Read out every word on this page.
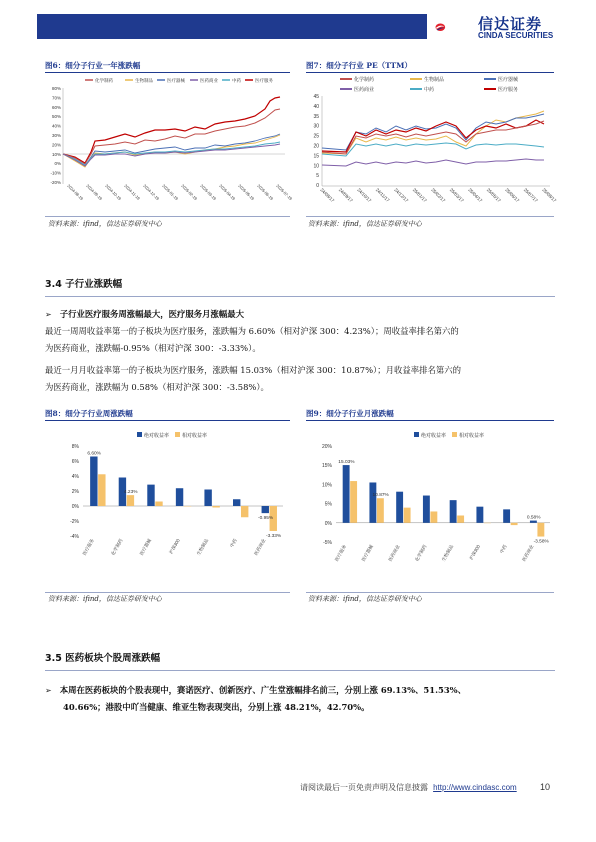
信达证券
CINDA SECURITIES
图6：细分子行业一年涨跌幅
化学制药	生物制品	医疗器械	医药商业	中药	医疗服务
80%
70%
60%
50%
40%
30%
20%
10%
0%
-10%
-20%
2024-08-19 2024-09-19 2024-10-19 2024-11-19 2024-12-19 2025-01-19 2025-02-19 2025-03-19 2025-04-19 2025-05-19 2025-06-19 2025-07-19
资料来源：ifind，信达证券研发中心
图7：细分子行业 PE（TTM）
化学制药	生物制品	医疗器械
医药商业	中药	医疗服务
45
40
35
30
25
20
15
10
5
0
24/08/17 24/09/17 24/10/17 24/11/17 24/12/17 25/01/17 25/02/17 25/03/17 25/04/17 25/05/17 25/06/17 25/07/17 25/08/17
资料来源：ifind，信达证券研发中心
3.4 子行业涨跌幅
➢ 子行业医疗服务周涨幅最大，医疗服务月涨幅最大
最近一周周收益率第一的子板块为医疗服务，涨跌幅为 6.60%（相对沪深 300：4.23%）；周收益率排名第六的
为医药商业，涨跌幅-0.95%（相对沪深 300：-3.33%）。
最近一月月收益率第一的子板块为医疗服务，涨跌幅 15.03%（相对沪深 300：10.87%）；月收益率排名第六的
为医药商业，涨跌幅为 0.58%（相对沪深 300：-3.58%）。
图8：细分子行业周涨跌幅
绝对收益率	相对收益率
8%
6%
4%
2%
0%
-2%
-4%
医疗服务	化学制药	医疗器械	沪深300	生物制品	中药	医药商业
6.60%
4.23%
-0.95%
-3.33%
资料来源：ifind，信达证券研发中心
图9：细分子行业月涨跌幅
绝对收益率	相对收益率
20%
15%
10%
5%
0%
-5%
医疗服务	医疗器械	医药商业	化学制药	生物制品	沪深300	中药	医药商业
15.03%
10.87%
0.58%
-3.58%
资料来源：ifind，信达证券研发中心
3.5 医药板块个股周涨跌幅
➢ 本周在医药板块的个股表现中，赛诺医疗、创新医疗、广生堂涨幅排名前三，分别上涨 69.13%、51.53%、
40.66%；港股中吖当健康、维亚生物表现突出，分别上涨 48.21%，42.70%。
请阅读最后一页免责声明及信息披露 http://www.cindasc.com	10
